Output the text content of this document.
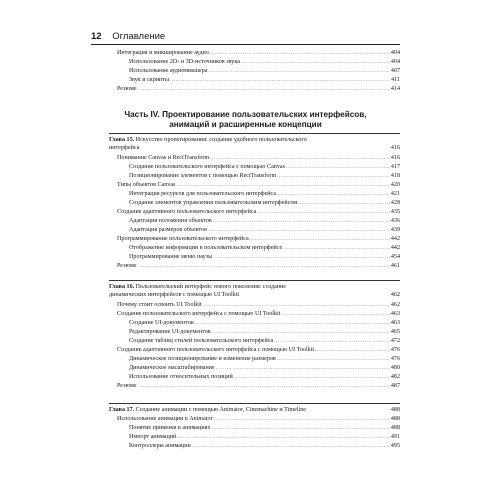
12 Оглавление
Интеграция и микширование аудио .....	404
Использование 2D- и 3D-источников звука .....	404
Использование аудиомикшера .....	407
Звук и скрипты .....	411
Резюме .....	414
Часть IV. Проектирование пользовательских интерфейсов,
анимаций и расширенные концепции
Глава 15. Искусство проектирования: создание удобного пользовательского
интерфейса	416
Понимание Canvas и RectTransform .....	416
Создание пользовательского интерфейса с помощью Canvas .....	417
Позиционирование элементов с помощью RectTransform .....	418
Типы объектов Canvas .....	420
Интеграция ресурсов для пользовательского интерфейса .....	421
Создание элементов управления пользовательским интерфейсом .....	428
Создание адаптивного пользовательского интерфейса .....	435
Адаптация положения объектов .....	436
Адаптация размеров объектов .....	439
Программирование пользовательского интерфейса .....	442
Отображение информации в пользовательском интерфейсе .....	442
Программирование меню паузы .....	454
Резюме .....	461
Глава 16. Пользовательский интерфейс нового поколения: создание
динамических интерфейсов с помощью UI Toolkit	462
Почему стоит освоить UI Toolkit .....	462
Создание пользовательского интерфейса с помощью UI Toolkit .....	463
Создание UI-документов .....	463
Редактирование UI-документов .....	465
Создание таблиц стилей пользовательского интерфейса .....	472
Создание адаптивного пользовательского интерфейса с помощью UI Toolkit .....	476
Динамическое позиционирование и изменение размеров .....	476
Динамическое масштабирование .....	480
Использование относительных позиций .....	482
Резюме .....	487
Глава 17. Создание анимации с помощью Animator, Cinemachine и Timeline	488
Использование анимации в Animator .....	488
Понятие привязки в анимациях .....	488
Импорт анимаций .....	491
Контроллеры анимации .....	495
